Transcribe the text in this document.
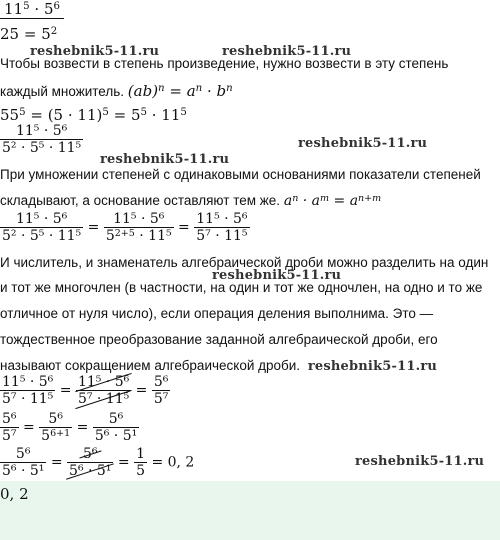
$11^5 \cdot 5^6$
$25 = 5^2$
reshebnik5-11.ru	reshebnik5-11.ru
Чтобы возвести в степень произведение, нужно возвести в эту степень
каждый множитель. $(ab)^n = a^n \cdot b^n$
$55^5 = (5 \cdot 11)^5 = 5^5 \cdot 11^5$
$\frac{\text{11⁵ · 5⁶}}{\text{5² · 5⁵ · 11⁵}}$	reshebnik5-11.ru
reshebnik5-11.ru
При умножении степеней с одинаковыми основаниями показатели степеней
складывают, а основание оставляют тем же. $a^n \cdot a^m = a^{n+m}$
$\frac{\text{11⁵ · 5⁶}}{\text{5² · 5⁵ · 11⁵}} = \frac{\text{11⁵ · 5⁶}}{5^{2+5} \cdot 11^5} = \frac{\text{11⁵ · 5⁶}}{\text{5⁷ · 11⁵}}$
И числитель, и знаменатель алгебраической дроби можно разделить на один
reshebnik5-11.ru
и тот же многочлен (в частности, на один и тот же одночлен, на одно и то же
отличное от нуля число), если операция деления выполнима. Это —
тождественное преобразование заданной алгебраической дроби, его
называют сокращением алгебраической дроби. reshebnik5-11.ru
$\frac{\text{11⁵ · 5⁶}}{\text{5⁷ · 11⁵}} = \frac{\text{11⁵ · 5⁶}}{\text{5⁷ · 11⁵}} = \frac{\text{5⁶}}{\text{5⁷}}$
$\frac{\text{5⁶}}{\text{5⁷}} = \frac{\text{5⁶}}{5^{6+1}} = \frac{\text{5⁶}}{\text{5⁶ · 5¹}}$
$\frac{\text{5⁶}}{\text{5⁶ · 5¹}} = \frac{\text{5⁶}}{\text{5⁶ · 5¹}} = \frac{1}{5} = 0$, 2	reshebnik5-11.ru
0, 2
